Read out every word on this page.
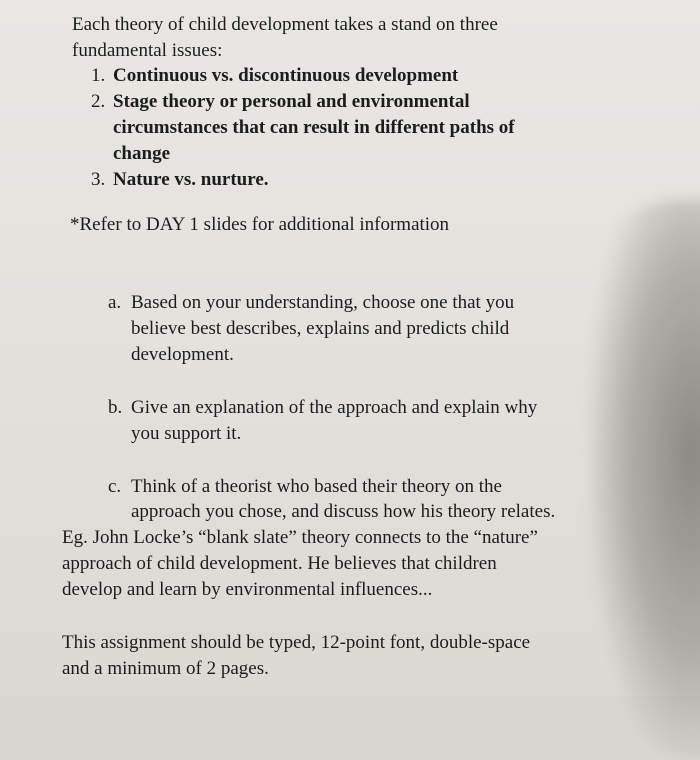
Each theory of child development takes a stand on three
fundamental issues:
1. Continuous vs. discontinuous development
2. Stage theory or personal and environmental
circumstances that can result in different paths of
change
3. Nature vs. nurture.
*Refer to DAY 1 slides for additional information
a. Based on your understanding, choose one that you
believe best describes, explains and predicts child
development.
b. Give an explanation of the approach and explain why
you support it.
c. Think of a theorist who based their theory on the
approach you chose, and discuss how his theory relates.
Eg. John Locke’s “blank slate” theory connects to the “nature”
approach of child development. He believes that children
develop and learn by environmental influences...
This assignment should be typed, 12-point font, double-space
and a minimum of 2 pages.
